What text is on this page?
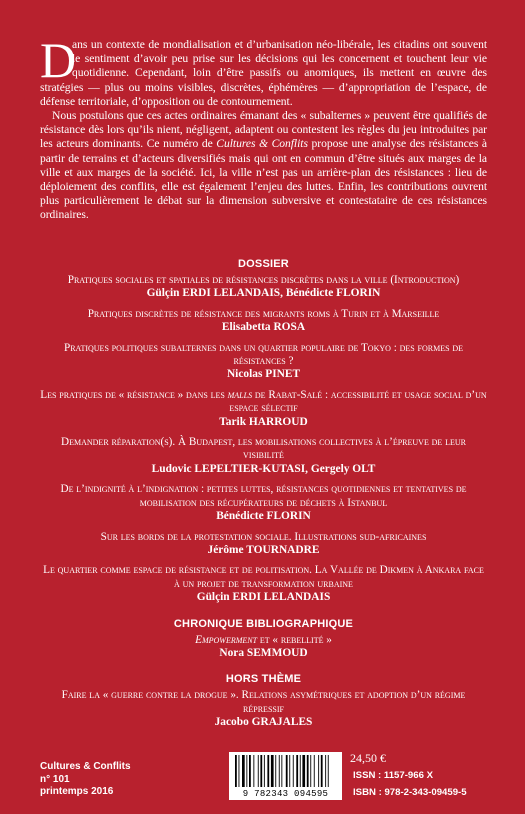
D

ans un contexte de mondialisation et d’urbanisation néo-libérale, les citadins ont souvent le sentiment d’avoir peu prise sur les décisions qui les concernent et touchent leur vie quotidienne. Cependant, loin d’être passifs ou anomiques, ils mettent en œuvre des stratégies — plus ou moins visibles, discrètes, éphémères — d’appropriation de l’espace, de défense territoriale, d’opposition ou de contournement.

Nous postulons que ces actes ordinaires émanant des « subalternes » peuvent être qualifiés de résistance dès lors qu’ils nient, négligent, adaptent ou contestent les règles du jeu introduites par les acteurs dominants. Ce numéro de Cultures & Conflits propose une analyse des résistances à partir de terrains et d’acteurs diversifiés mais qui ont en commun d’être situés aux marges de la ville et aux marges de la société. Ici, la ville n’est pas un arrière-plan des résistances : lieu de déploiement des conflits, elle est également l’enjeu des luttes. Enfin, les contributions ouvrent plus particulièrement le débat sur la dimension subversive et contestataire de ces résistances ordinaires.

DOSSIER
Pratiques sociales et spatiales de résistances discrètes dans la ville (Introduction)
Gülçin ERDI LELANDAIS, Bénédicte FLORIN
Pratiques discrètes de résistance des migrants roms à Turin et à Marseille
Elisabetta ROSA
Pratiques politiques subalternes dans un quartier populaire de Tokyo : des formes de résistances ?
Nicolas PINET
Les pratiques de « résistance » dans les malls de Rabat-Salé : accessibilité et usage social d’un espace sélectif
Tarik HARROUD
Demander réparation(s). À Budapest, les mobilisations collectives à l’épreuve de leur visibilité
Ludovic LEPELTIER-KUTASI, Gergely OLT
De l’indignité à l’indignation : petites luttes, résistances quotidiennes et tentatives de mobilisation des récupérateurs de déchets à Istanbul
Bénédicte FLORIN
Sur les bords de la protestation sociale. Illustrations sud-africaines
Jérôme TOURNADRE
Le quartier comme espace de résistance et de politisation. La Vallée de Dikmen à Ankara face à un projet de transformation urbaine
Gülçin ERDI LELANDAIS
CHRONIQUE BIBLIOGRAPHIQUE
Empowerment et « rebellité »
Nora SEMMOUD
HORS THÈME
Faire la « guerre contre la drogue ». Relations asymétriques et adoption d’un régime répressif
Jacobo GRAJALES
Cultures & Conflits
n° 101
printemps 2016	9 782343 094595
24,50 €
ISSN : 1157-966 X
ISBN : 978-2-343-09459-5
